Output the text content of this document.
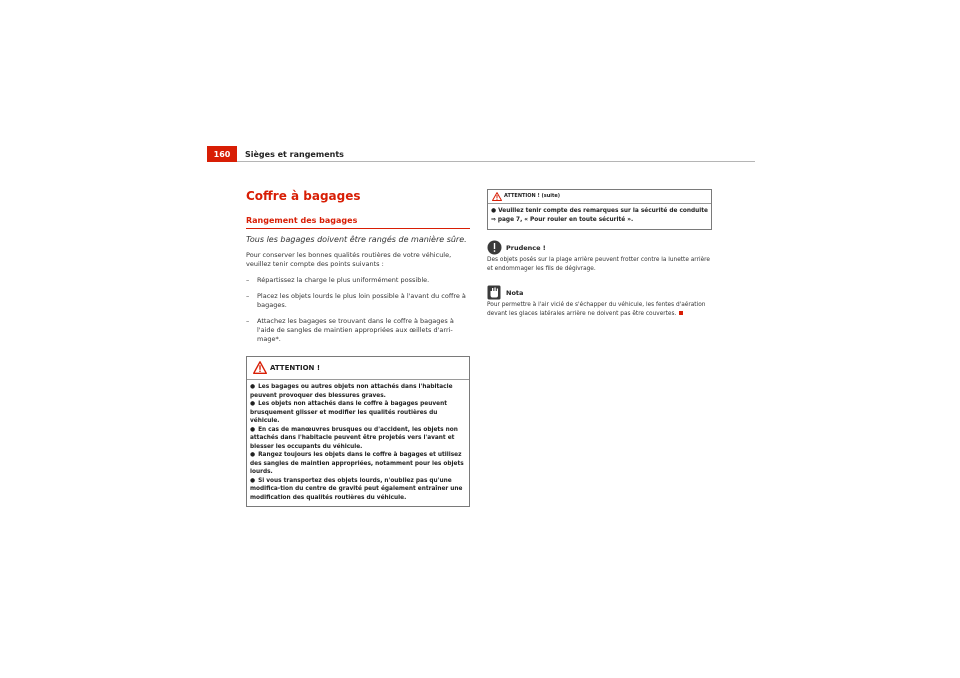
160	Sièges et rangements
Coffre à bagages
Rangement des bagages
Tous les bagages doivent être rangés de manière sûre.
Pour conserver les bonnes qualités routières de votre véhicule, veuillez tenir compte des points suivants :
– Répartissez la charge le plus uniformément possible.
– Placez les objets lourds le plus loin possible à l'avant du coffre à bagages.
– Attachez les bagages se trouvant dans le coffre à bagages à l'aide de sangles de maintien appropriées aux œillets d'arri-mage*.
ATTENTION !
● Les bagages ou autres objets non attachés dans l'habitacle peuvent provoquer des blessures graves.
● Les objets non attachés dans le coffre à bagages peuvent brusquement glisser et modifier les qualités routières du véhicule.
● En cas de manœuvres brusques ou d'accident, les objets non attachés dans l'habitacle peuvent être projetés vers l'avant et blesser les occupants du véhicule.
● Rangez toujours les objets dans le coffre à bagages et utilisez des sangles de maintien appropriées, notamment pour les objets lourds.
● Si vous transportez des objets lourds, n'oubliez pas qu'une modifica-tion du centre de gravité peut également entraîner une modification des qualités routières du véhicule.
ATTENTION ! (suite)
● Veuillez tenir compte des remarques sur la sécurité de conduite
⇒ page 7, « Pour rouler en toute sécurité ».
Prudence !
Des objets posés sur la plage arrière peuvent frotter contre la lunette arrière et endommager les fils de dégivrage.
Nota
Pour permettre à l'air vicié de s'échapper du véhicule, les fentes d'aération devant les glaces latérales arrière ne doivent pas être couvertes.
